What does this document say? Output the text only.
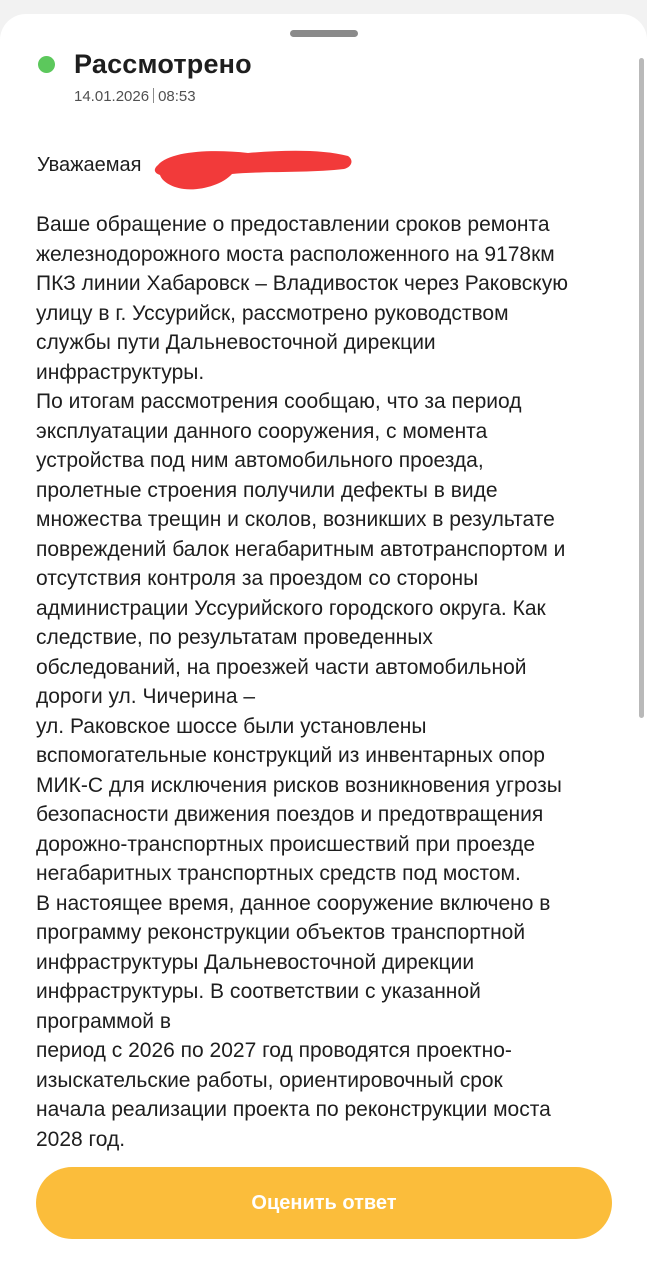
Рассмотрено
14.01.2026 08:53
Уважаемая
Ваше обращение о предоставлении сроков ремонта
железнодорожного моста расположенного на 9178км
ПКЗ линии Хабаровск – Владивосток через Раковскую
улицу в г. Уссурийск, рассмотрено руководством
службы пути Дальневосточной дирекции
инфраструктуры.
По итогам рассмотрения сообщаю, что за период
эксплуатации данного сооружения, с момента
устройства под ним автомобильного проезда,
пролетные строения получили дефекты в виде
множества трещин и сколов, возникших в результате
повреждений балок негабаритным автотранспортом и
отсутствия контроля за проездом со стороны
администрации Уссурийского городского округа. Как
следствие, по результатам проведенных
обследований, на проезжей части автомобильной
дороги ул. Чичерина –
ул. Раковское шоссе были установлены
вспомогательные конструкций из инвентарных опор
МИК-С для исключения рисков возникновения угрозы
безопасности движения поездов и предотвращения
дорожно-транспортных происшествий при проезде
негабаритных транспортных средств под мостом.
В настоящее время, данное сооружение включено в
программу реконструкции объектов транспортной
инфраструктуры Дальневосточной дирекции
инфраструктуры. В соответствии с указанной
программой в
период с 2026 по 2027 год проводятся проектно-
изыскательские работы, ориентировочный срок
начала реализации проекта по реконструкции моста
2028 год.
Оценить ответ
